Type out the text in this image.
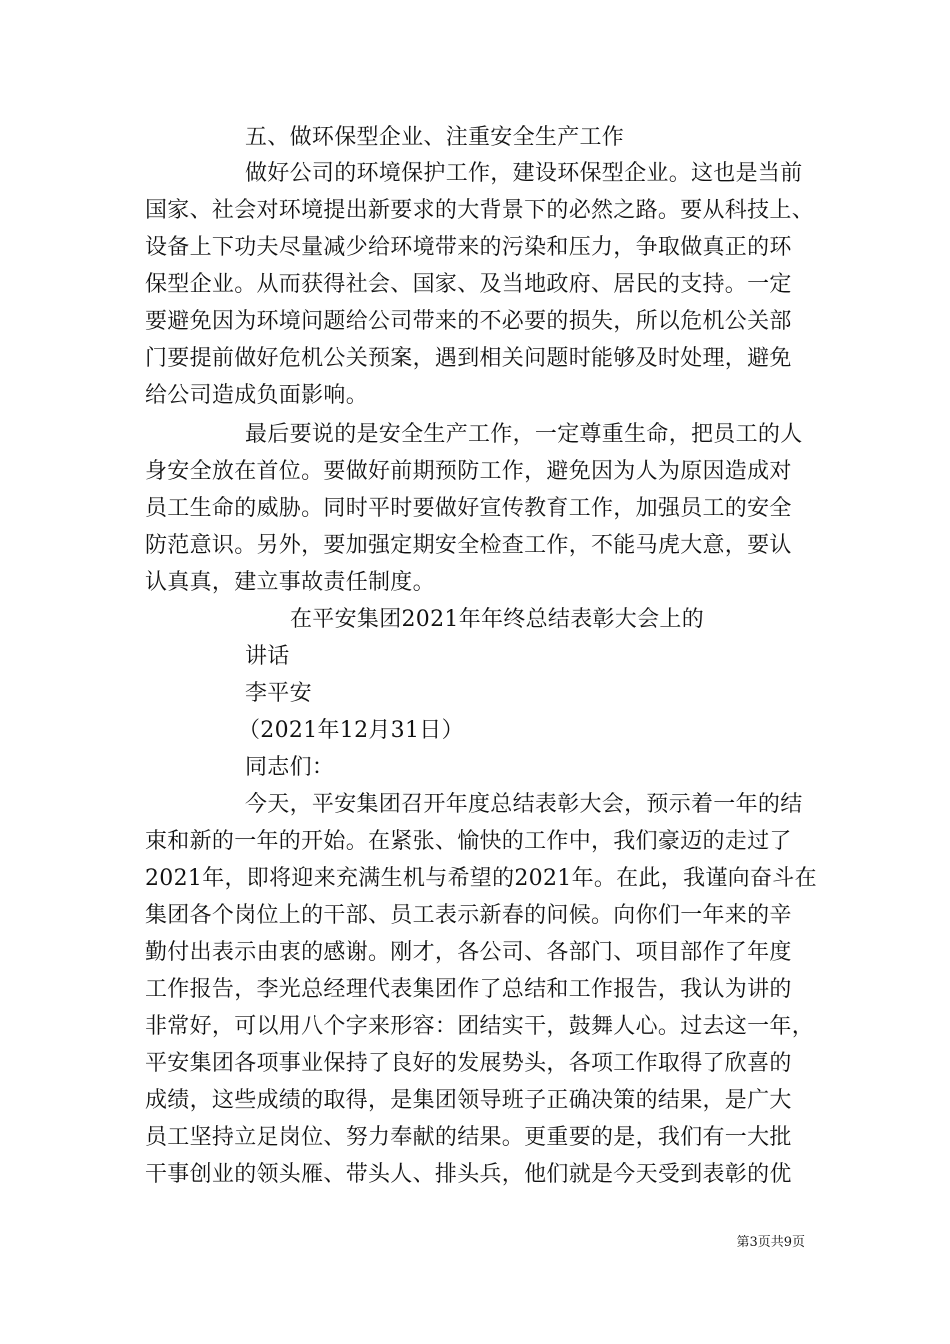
五、做环保型企业、注重安全生产工作
做好公司的环境保护工作，建设环保型企业。这也是当前
国家、社会对环境提出新要求的大背景下的必然之路。要从科技上、
设备上下功夫尽量减少给环境带来的污染和压力，争取做真正的环
保型企业。从而获得社会、国家、及当地政府、居民的支持。一定
要避免因为环境问题给公司带来的不必要的损失，所以危机公关部
门要提前做好危机公关预案，遇到相关问题时能够及时处理，避免
给公司造成负面影响。
最后要说的是安全生产工作，一定尊重生命，把员工的人
身安全放在首位。要做好前期预防工作，避免因为人为原因造成对
员工生命的威胁。同时平时要做好宣传教育工作，加强员工的安全
防范意识。另外，要加强定期安全检查工作，不能马虎大意，要认
认真真，建立事故责任制度。
在平安集团2021年年终总结表彰大会上的
讲话
李平安
（2021年12月31日）
同志们：
今天，平安集团召开年度总结表彰大会，预示着一年的结
束和新的一年的开始。在紧张、愉快的工作中，我们豪迈的走过了
2021年，即将迎来充满生机与希望的2021年。在此，我谨向奋斗在
集团各个岗位上的干部、员工表示新春的问候。向你们一年来的辛
勤付出表示由衷的感谢。刚才，各公司、各部门、项目部作了年度
工作报告，李光总经理代表集团作了总结和工作报告，我认为讲的
非常好，可以用八个字来形容：团结实干，鼓舞人心。过去这一年，
平安集团各项事业保持了良好的发展势头，各项工作取得了欣喜的
成绩，这些成绩的取得，是集团领导班子正确决策的结果，是广大
员工坚持立足岗位、努力奉献的结果。更重要的是，我们有一大批
干事创业的领头雁、带头人、排头兵，他们就是今天受到表彰的优
第3页共9页
